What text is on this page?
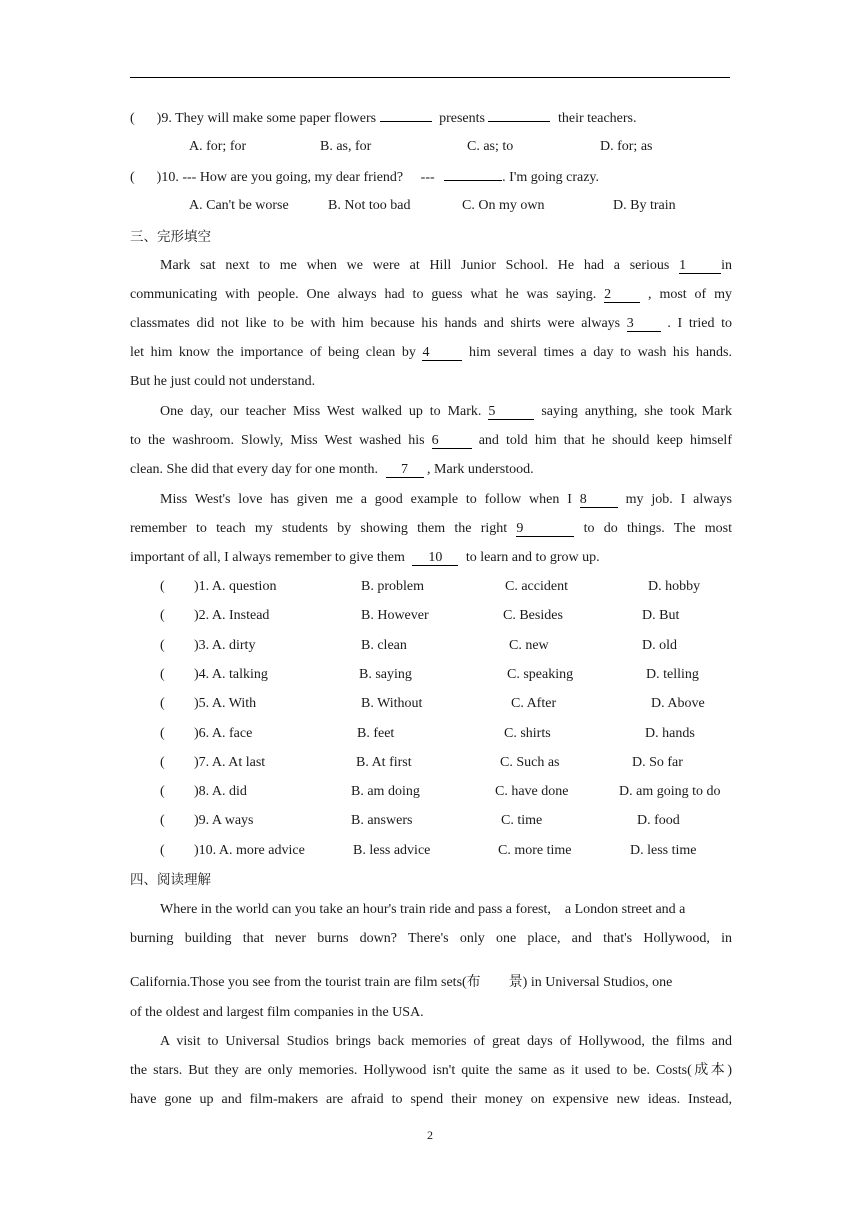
( )9. They will make some paper flowers	presents	their teachers.
A. for; for	B. as, for	C. as; to	D. for; as
( )10. --- How are you going, my dear friend? ---	. I'm going crazy.
A. Can't be worse	B. Not too bad	C. On my own	D. By train
三、完形填空
Mark sat next to me when we were at Hill Junior School. He had a serious 1	in
communicating with people. One always had to guess what he was saying. 2	, most of my
classmates did not like to be with him because his hands and shirts were always 3 . I tried to
let him know the importance of being clean by 4	him several times a day to wash his hands.
But he just could not understand.
One day, our teacher Miss West walked up to Mark. 5	saying anything, she took Mark
to the washroom. Slowly, Miss West washed his 6	and told him that he should keep himself
clean. She did that every day for one month. 7 , Mark understood.
Miss West's love has given me a good example to follow when I 8	my job. I always
remember to teach my students by showing them the right 9	to do things. The most
important of all, I always remember to give them 10 to learn and to grow up.
( )1. A. question	B. problem	C. accident	D. hobby
( )2. A. Instead	B. However	C. Besides	D. But
( )3. A. dirty	B. clean	C. new	D. old
( )4. A. talking	B. saying	C. speaking	D. telling
( )5. A. With	B. Without	C. After	D. Above
( )6. A. face	B. feet	C. shirts	D. hands
( )7. A. At last	B. At first	C. Such as	D. So far
( )8. A. did	B. am doing	C. have done	D. am going to do
( )9. A ways	B. answers	C. time	D. food
( )10. A. more advice	B. less advice	C. more time	D. less time
四、阅读理解
Where in the world can you take an hour's train ride and pass a forest,    a London street and a
burning building that never burns down? There's only one place, and that's Hollywood, in
California.Those you see from the tourist train are film sets(布        景) in Universal Studios, one
of the oldest and largest film companies in the USA.
A visit to Universal Studios brings back memories of great days of Hollywood, the films and
the stars. But they are only memories. Hollywood isn't quite the same as it used to be. Costs(成本)
have gone up and film-makers are afraid to spend their money on expensive new ideas. Instead,
2
